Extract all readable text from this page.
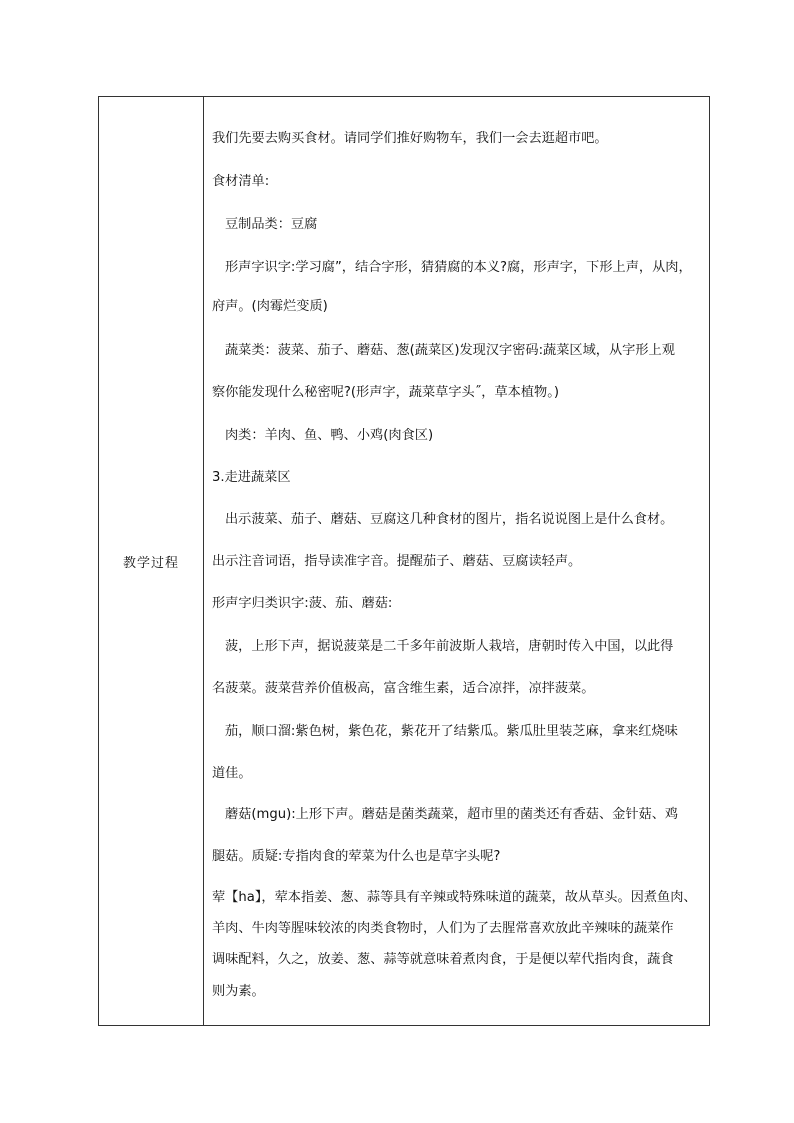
教学过程
我们先要去购买食材。请同学们推好购物车，我们一会去逛超市吧。
食材清单:
豆制品类：豆腐
形声字识字:学习腐”，结合字形，猜猜腐的本义?腐，形声字，下形上声，从肉，
府声。(肉霉烂变质)
蔬菜类：菠菜、茄子、蘑菇、葱(蔬菜区)发现汉字密码:蔬菜区域，从字形上观
察你能发现什么秘密呢?(形声字，蔬菜草字头˝，草本植物。)
肉类：羊肉、鱼、鸭、小鸡(肉食区)
3.走进蔬菜区
出示菠菜、茄子、蘑菇、豆腐这几种食材的图片，指名说说图上是什么食材。
出示注音词语，指导读准字音。提醒茄子、蘑菇、豆腐读轻声。
形声字归类识字:菠、茄、蘑菇:
菠，上形下声，据说菠菜是二千多年前波斯人栽培，唐朝时传入中国，以此得
名菠菜。菠菜营养价值极高，富含维生素，适合凉拌，凉拌菠菜。
茄，顺口溜:紫色树，紫色花，紫花开了结紫瓜。紫瓜肚里装芝麻，拿来红烧味
道佳。
蘑菇(mgu):上形下声。蘑菇是菌类蔬菜，超市里的菌类还有香菇、金针菇、鸡
腿菇。质疑:专指肉食的荤菜为什么也是草字头呢?
荤【ha】，荤本指姜、葱、蒜等具有辛辣或特殊味道的蔬菜，故从草头。因煮鱼肉、
羊肉、牛肉等腥味较浓的肉类食物时，人们为了去腥常喜欢放此辛辣味的蔬菜作
调味配料，久之，放姜、葱、蒜等就意味着煮肉食，于是便以荤代指肉食，蔬食
则为素。
